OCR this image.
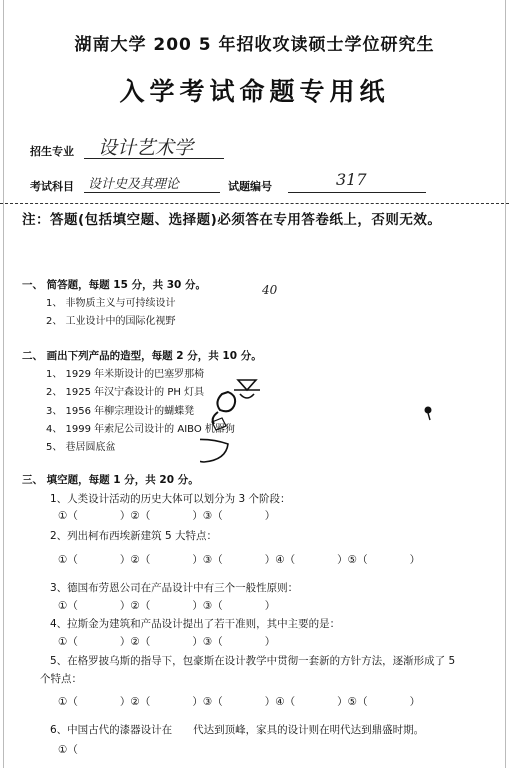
湖南大学 200 5 年招收攻读硕士学位研究生
入学考试命题专用纸
招生专业 设计艺术学
考试科目 设计史及其理论	试题编号	317
注：答题(包括填空题、选择题)必须答在专用答卷纸上，否则无效。
40
一、 简答题，每题 15 分，共 30 分。
1、 非物质主义与可持续设计
2、 工业设计中的国际化视野
二、 画出下列产品的造型，每题 2 分，共 10 分。
1、 1929 年米斯设计的巴塞罗那椅
2、 1925 年汉宁森设计的 PH 灯具
3、 1956 年柳宗理设计的蝴蝶凳
4、 1999 年索尼公司设计的 AIBO 机器狗
5、 巷居圆底盆
三、 填空题，每题 1 分，共 20 分。
1、人类设计活动的历史大体可以划分为 3 个阶段：
①（　　　　）②（　　　　）③（　　　　）
2、列出柯布西埃新建筑 5 大特点：
①（　　　　）②（　　　　）③（　　　　）④（　　　　）⑤（　　　　）
3、德国布劳恩公司在产品设计中有三个一般性原则：
①（　　　　）②（　　　　）③（　　　　）
4、拉斯金为建筑和产品设计提出了若干准则，其中主要的是：
①（　　　　）②（　　　　）③（　　　　）
5、在格罗披乌斯的指导下，包豪斯在设计教学中贯彻一套新的方针方法，逐渐形成了 5
个特点：
①（　　　　）②（　　　　）③（　　　　）④（　　　　）⑤（　　　　）
6、中国古代的漆器设计在　　代达到顶峰，家具的设计则在明代达到鼎盛时期。
①（
